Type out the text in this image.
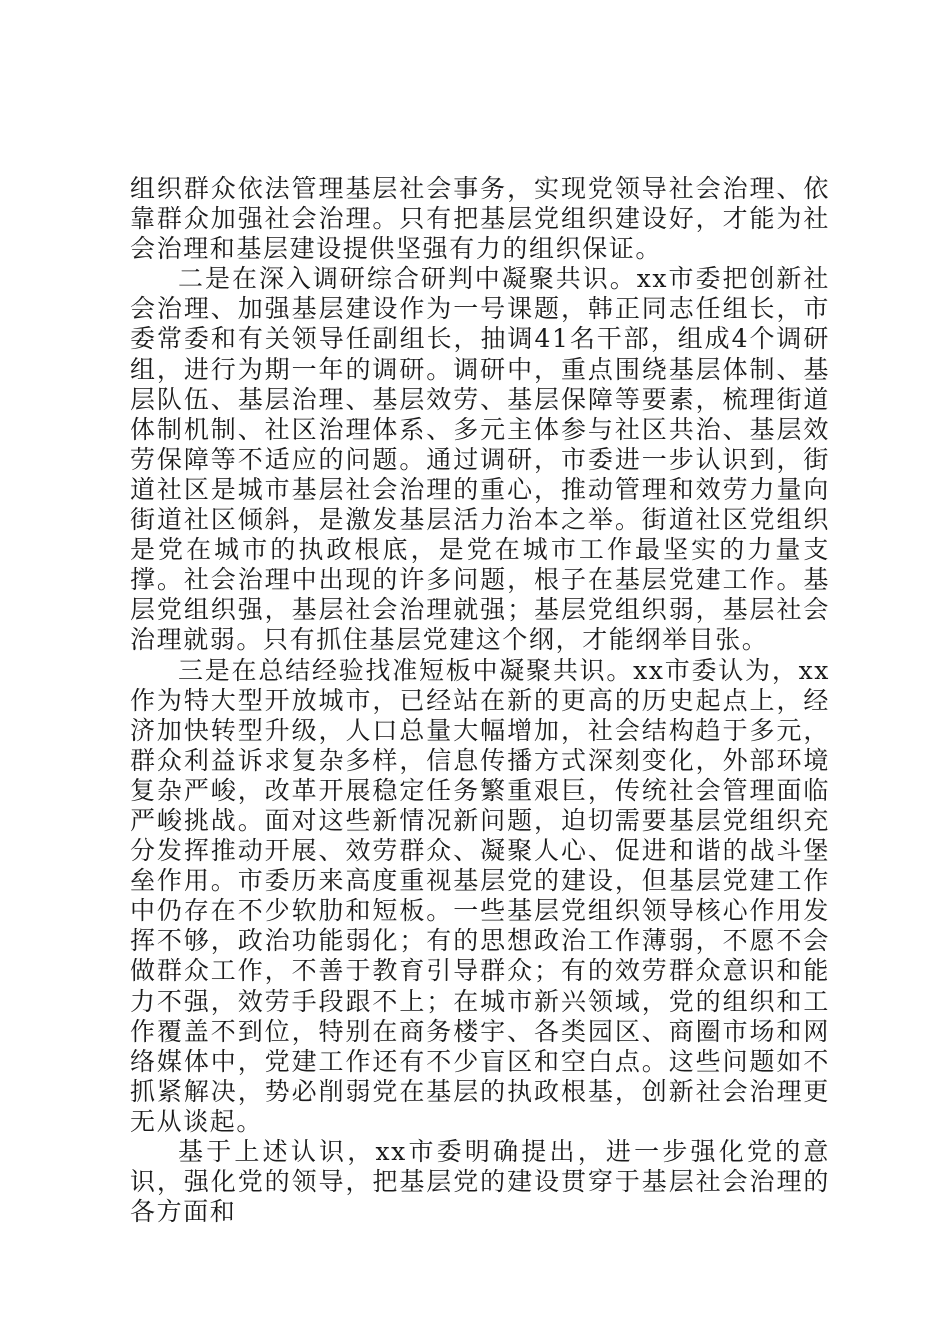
组织群众依法管理基层社会事务，实现党领导社会治理、依靠群众加强社会治理。只有把基层党组织建设好，才能为社会治理和基层建设提供坚强有力的组织保证。

二是在深入调研综合研判中凝聚共识。xx市委把创新社会治理、加强基层建设作为一号课题，韩正同志任组长，市委常委和有关领导任副组长，抽调41名干部，组成4个调研组，进行为期一年的调研。调研中，重点围绕基层体制、基层队伍、基层治理、基层效劳、基层保障等要素，梳理街道体制机制、社区治理体系、多元主体参与社区共治、基层效劳保障等不适应的问题。通过调研，市委进一步认识到，街道社区是城市基层社会治理的重心，推动管理和效劳力量向街道社区倾斜，是激发基层活力治本之举。街道社区党组织是党在城市的执政根底，是党在城市工作最坚实的力量支撑。社会治理中出现的许多问题，根子在基层党建工作。基层党组织强，基层社会治理就强；基层党组织弱，基层社会治理就弱。只有抓住基层党建这个纲，才能纲举目张。

三是在总结经验找准短板中凝聚共识。xx市委认为，xx作为特大型开放城市，已经站在新的更高的历史起点上，经济加快转型升级，人口总量大幅增加，社会结构趋于多元，群众利益诉求复杂多样，信息传播方式深刻变化，外部环境复杂严峻，改革开展稳定任务繁重艰巨，传统社会管理面临严峻挑战。面对这些新情况新问题，迫切需要基层党组织充分发挥推动开展、效劳群众、凝聚人心、促进和谐的战斗堡垒作用。市委历来高度重视基层党的建设，但基层党建工作中仍存在不少软肋和短板。一些基层党组织领导核心作用发挥不够，政治功能弱化；有的思想政治工作薄弱，不愿不会做群众工作，不善于教育引导群众；有的效劳群众意识和能力不强，效劳手段跟不上；在城市新兴领域，党的组织和工作覆盖不到位，特别在商务楼宇、各类园区、商圈市场和网络媒体中，党建工作还有不少盲区和空白点。这些问题如不抓紧解决，势必削弱党在基层的执政根基，创新社会治理更无从谈起。

基于上述认识，xx市委明确提出，进一步强化党的意识，强化党的领导，把基层党的建设贯穿于基层社会治理的各方面和
